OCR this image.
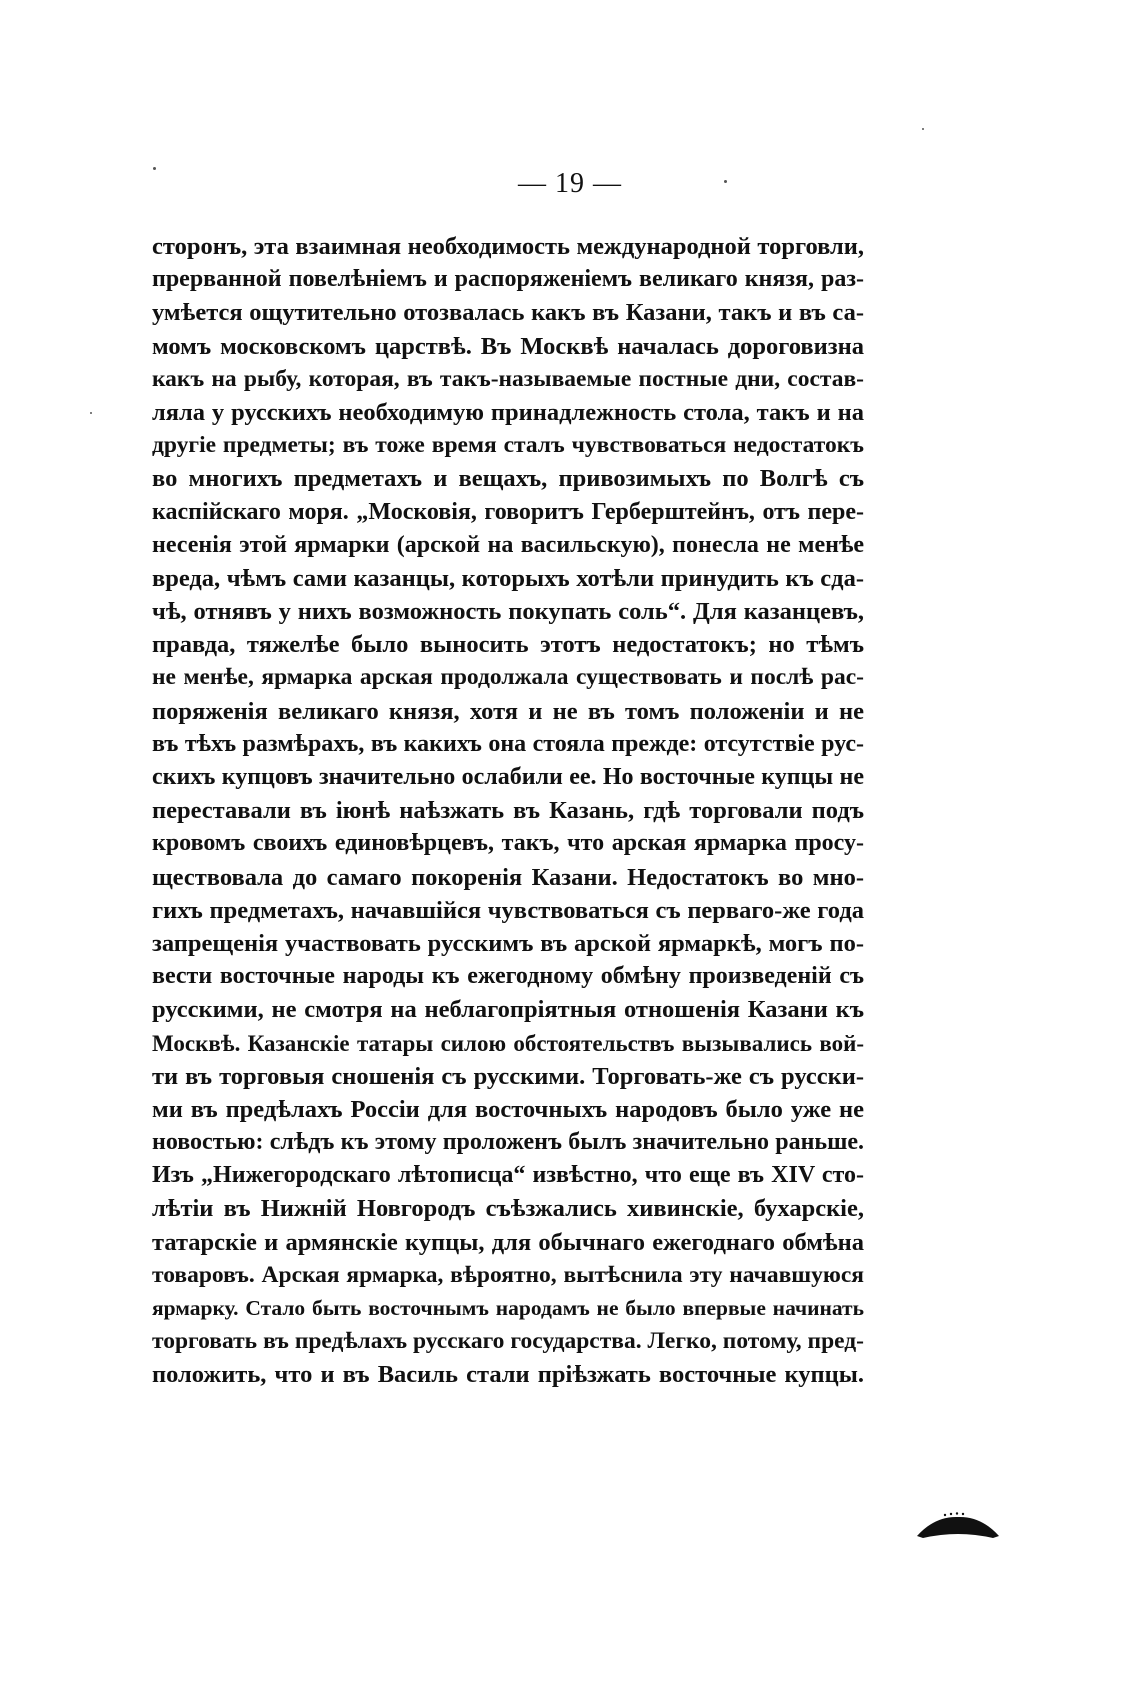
— 19 —
сторонъ, эта взаимная необходимость международной торговли,
прерванной повелѣніемъ и распоряженіемъ великаго князя, раз-
умѣется ощутительно отозвалась какъ въ Казани, такъ и въ са-
момъ московскомъ царствѣ. Въ Москвѣ началась дороговизна
какъ на рыбу, которая, въ такъ-называемые постные дни, состав-
ляла у русскихъ необходимую принадлежность стола, такъ и на
другіе предметы; въ тоже время сталъ чувствоваться недостатокъ
во многихъ предметахъ и вещахъ, привозимыхъ по Волгѣ съ
каспійскаго моря. „Московія, говоритъ Герберштейнъ, отъ пере-
несенія этой ярмарки (арской на васильскую), понесла не менѣе
вреда, чѣмъ сами казанцы, которыхъ хотѣли принудить къ сда-
чѣ, отнявъ у нихъ возможность покупать соль“. Для казанцевъ,
правда, тяжелѣе было выносить этотъ недостатокъ; но тѣмъ
не менѣе, ярмарка арская продолжала существовать и послѣ рас-
поряженія великаго князя, хотя и не въ томъ положеніи и не
въ тѣхъ размѣрахъ, въ какихъ она стояла прежде: отсутствіе рус-
скихъ купцовъ значительно ослабили ее. Но восточные купцы не
переставали въ іюнѣ наѣзжать въ Казань, гдѣ торговали подъ
кровомъ своихъ единовѣрцевъ, такъ, что арская ярмарка просу-
ществовала до самаго покоренія Казани. Недостатокъ во мно-
гихъ предметахъ, начавшійся чувствоваться съ перваго-же года
запрещенія участвовать русскимъ въ арской ярмаркѣ, могъ по-
вести восточные народы къ ежегодному обмѣну произведеній съ
русскими, не смотря на неблагопріятныя отношенія Казани къ
Москвѣ. Казанскіе татары силою обстоятельствъ вызывались вой-
ти въ торговыя сношенія съ русскими. Торговать-же съ русски-
ми въ предѣлахъ Россіи для восточныхъ народовъ было уже не
новостью: слѣдъ къ этому проложенъ былъ значительно раньше.
Изъ „Нижегородскаго лѣтописца“ извѣстно, что еще въ XIV сто-
лѣтіи въ Нижній Новгородъ съѣзжались хивинскіе, бухарскіе,
татарскіе и армянскіе купцы, для обычнаго ежегоднаго обмѣна
товаровъ. Арская ярмарка, вѣроятно, вытѣснила эту начавшуюся
ярмарку. Стало быть восточнымъ народамъ не было впервые начинать
торговать въ предѣлахъ русскаго государства. Легко, потому, пред-
положить, что и въ Василь стали пріѣзжать восточные купцы.
